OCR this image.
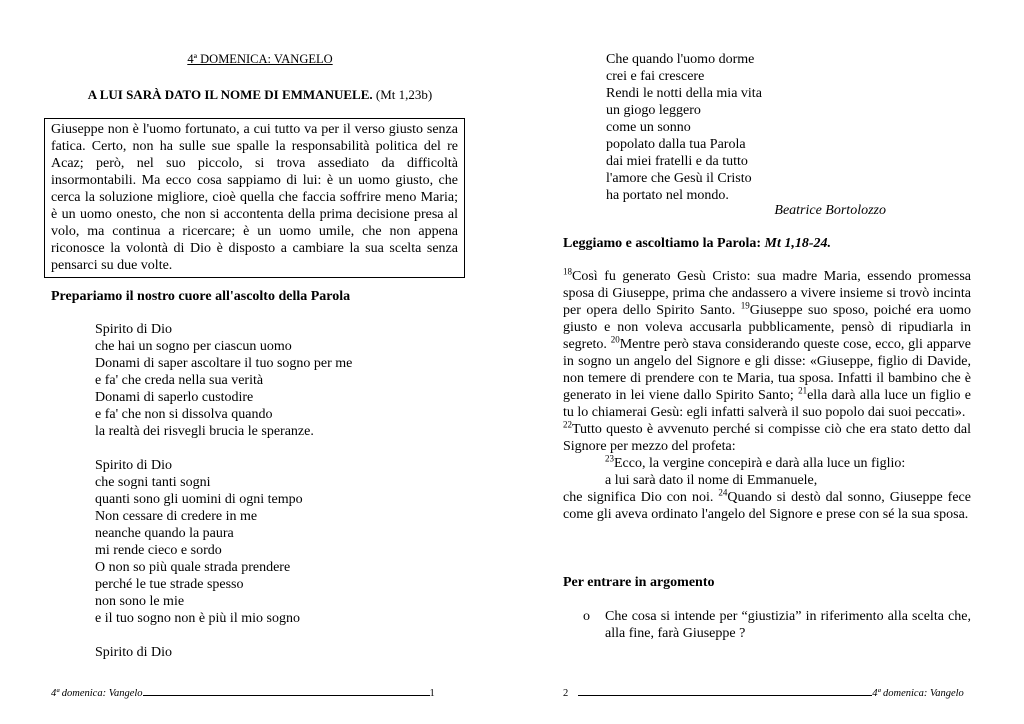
4ª DOMENICA: VANGELO
A LUI SARÀ DATO IL NOME DI EMMANUELE. (Mt 1,23b)
Giuseppe non è l'uomo fortunato, a cui tutto va per il verso giusto senza fatica. Certo, non ha sulle sue spalle la responsabilità politica del re Acaz; però, nel suo piccolo, si trova assediato da difficoltà insormontabili. Ma ecco cosa sappiamo di lui: è un uomo giusto, che cerca la soluzione migliore, cioè quella che faccia soffrire meno Maria; è un uomo onesto, che non si accontenta della prima decisione presa al volo, ma continua a ricercare; è un uomo umile, che non appena riconosce la volontà di Dio è disposto a cambiare la sua scelta senza pensarci su due volte.
Prepariamo il nostro cuore all'ascolto della Parola
Spirito di Dio
che hai un sogno per ciascun uomo
Donami di saper ascoltare il tuo sogno per me
e fa' che creda nella sua verità
Donami di saperlo custodire
e fa' che non si dissolva quando
la realtà dei risvegli brucia le speranze.
Spirito di Dio
che sogni tanti sogni
quanti sono gli uomini di ogni tempo
Non cessare di credere in me
neanche quando la paura
mi rende cieco e sordo
O non so più quale strada prendere
perché le tue strade spesso
non sono le mie
e il tuo sogno non è più il mio sogno
Spirito di Dio
4ª domenica: Vangelo	1
Che quando l'uomo dorme
crei e fai crescere
Rendi le notti della mia vita
un giogo leggero
come un sonno
popolato dalla tua Parola
dai miei fratelli e da tutto
l'amore che Gesù il Cristo
ha portato nel mondo.
Beatrice Bortolozzo
Leggiamo e ascoltiamo la Parola: Mt 1,18-24.
$^{18}$Così fu generato Gesù Cristo: sua madre Maria, essendo promessa sposa di Giuseppe, prima che andassero a vivere insieme si trovò incinta per opera dello Spirito Santo. $^{19}$Giuseppe suo sposo, poiché era uomo giusto e non voleva accusarla pubblicamente, pensò di ripudiarla in segreto. $^{20}$Mentre però stava considerando queste cose, ecco, gli apparve in sogno un angelo del Signore e gli disse: «Giuseppe, figlio di Davide, non temere di prendere con te Maria, tua sposa. Infatti il bambino che è generato in lei viene dallo Spirito Santo; $^{21}$ella darà alla luce un figlio e tu lo chiamerai Gesù: egli infatti salverà il suo popolo dai suoi peccati».
$^{22}$Tutto questo è avvenuto perché si compisse ciò che era stato detto dal Signore per mezzo del profeta:
$^{23}$Ecco, la vergine concepirà e darà alla luce un figlio:
a lui sarà dato il nome di Emmanuele,
che significa Dio con noi. $^{24}$Quando si destò dal sonno, Giuseppe fece come gli aveva ordinato l'angelo del Signore e prese con sé la sua sposa.
Per entrare in argomento
o	Che cosa si intende per “giustizia” in riferimento alla scelta che, alla fine, farà Giuseppe ?
2	4ª domenica: Vangelo
